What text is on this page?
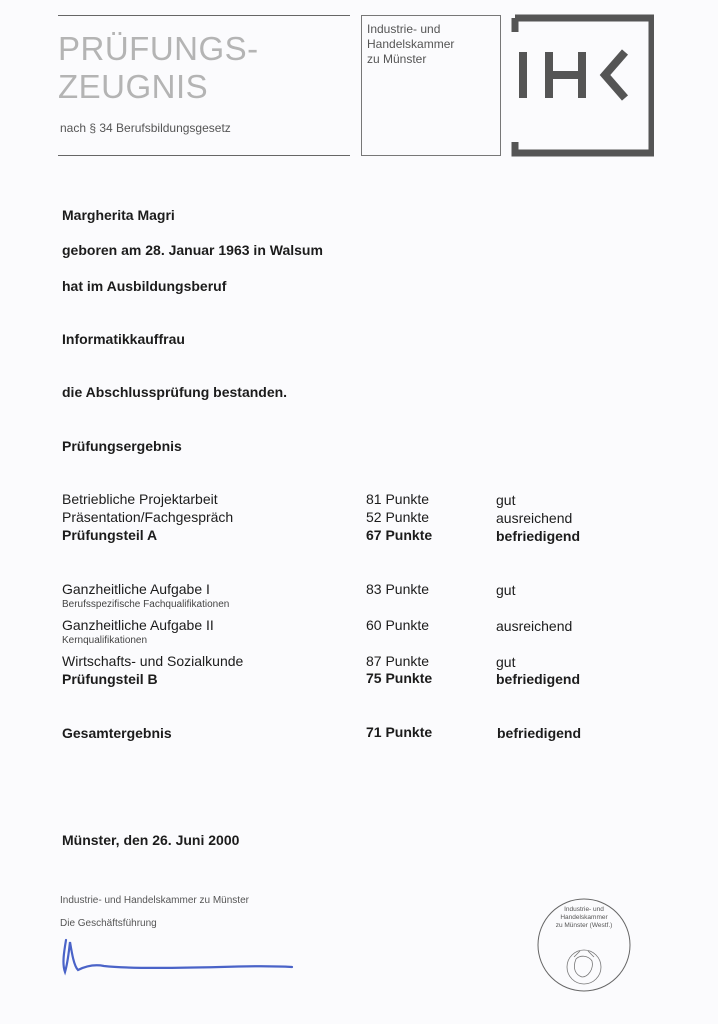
PRÜFUNGS-
ZEUGNIS
nach § 34 Berufsbildungsgesetz
Industrie- und
Handelskammer
zu Münster
Margherita Magri
geboren am 28. Januar 1963 in Walsum
hat im Ausbildungsberuf
Informatikkauffrau
die Abschlussprüfung bestanden.
Prüfungsergebnis
Betriebliche Projektarbeit	81 Punkte	gut
Präsentation/Fachgespräch	52 Punkte	ausreichend
Prüfungsteil A	67 Punkte	befriedigend
Ganzheitliche Aufgabe I
Berufsspezifische Fachqualifikationen
83 Punkte	gut
Ganzheitliche Aufgabe II
Kernqualifikationen
60 Punkte	ausreichend
Wirtschafts- und Sozialkunde	87 Punkte	gut
Prüfungsteil B	75 Punkte	befriedigend
Gesamtergebnis	71 Punkte	befriedigend
Münster, den 26. Juni 2000
Industrie- und Handelskammer zu Münster
Die Geschäftsführung
Industrie- und
Handelskammer
zu Münster (Westf.)
